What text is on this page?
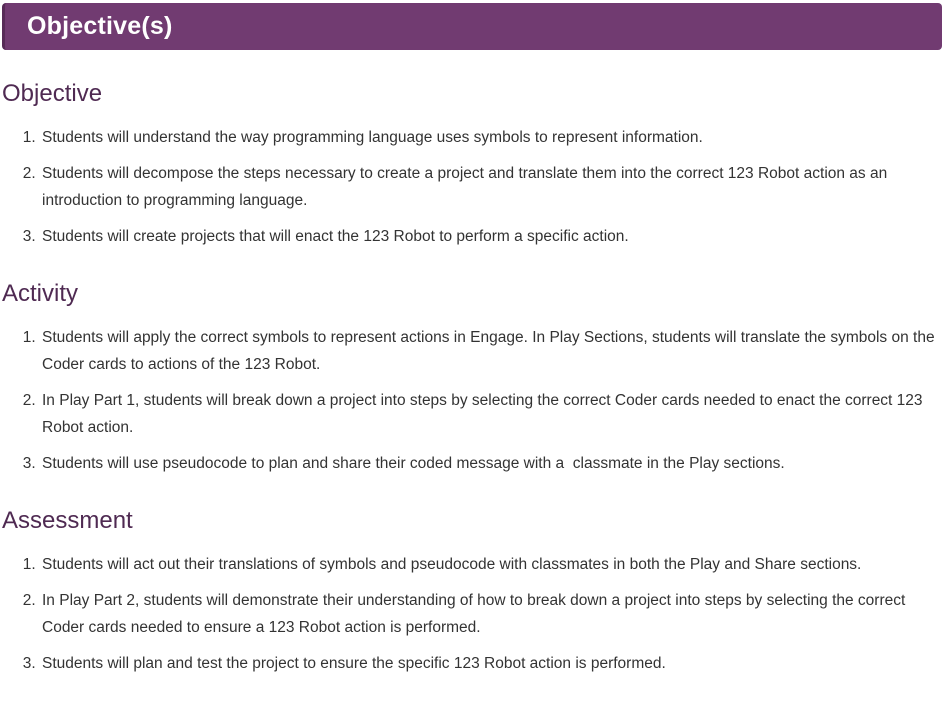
Objective(s)
Objective
1. Students will understand the way programming language uses symbols to represent information.
2. Students will decompose the steps necessary to create a project and translate them into the correct 123 Robot action as an introduction to programming language.
3. Students will create projects that will enact the 123 Robot to perform a specific action.
Activity
1. Students will apply the correct symbols to represent actions in Engage. In Play Sections, students will translate the symbols on the Coder cards to actions of the 123 Robot.
2. In Play Part 1, students will break down a project into steps by selecting the correct Coder cards needed to enact the correct 123 Robot action.
3. Students will use pseudocode to plan and share their coded message with a  classmate in the Play sections.
Assessment
1. Students will act out their translations of symbols and pseudocode with classmates in both the Play and Share sections.
2. In Play Part 2, students will demonstrate their understanding of how to break down a project into steps by selecting the correct Coder cards needed to ensure a 123 Robot action is performed.
3. Students will plan and test the project to ensure the specific 123 Robot action is performed.
